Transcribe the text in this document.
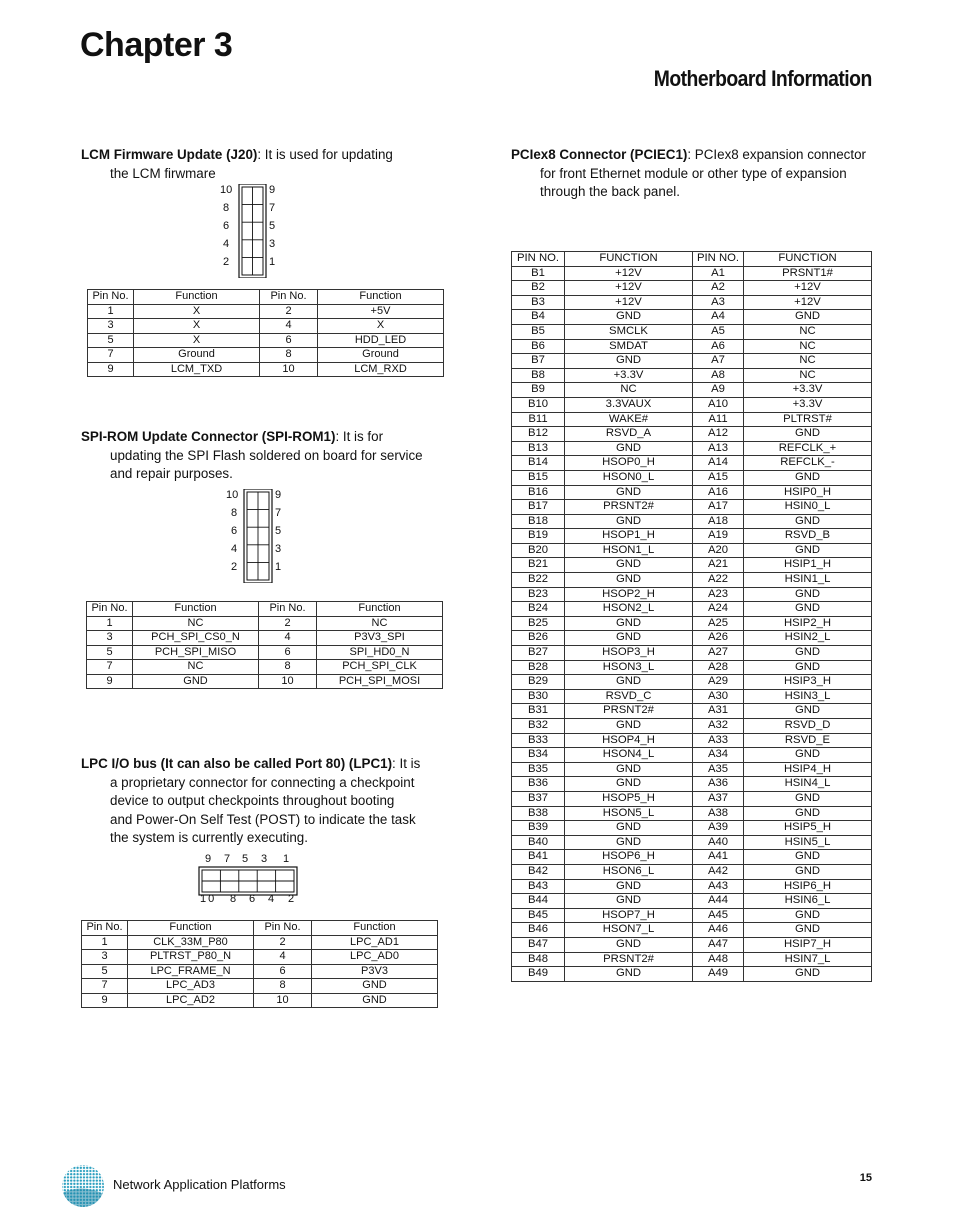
Chapter 3
Motherboard Information
LCM Firmware Update (J20): It is used for updating
the LCM firwmare
10
8
6
4
2
9
7
5
3
1
Pin No.	Function	Pin No.	Function
1	X	2	+5V
3	X	4	X
5	X	6	HDD_LED
7	Ground	8	Ground
9	LCM_TXD	10	LCM_RXD
SPI-ROM Update Connector (SPI-ROM1): It is for
updating the SPI Flash soldered on board for service
and repair purposes.
10
8
6
4
2
9
7
5
3
1
Pin No.	Function	Pin No.	Function
1	NC	2	NC
3	PCH_SPI_CS0_N	4	P3V3_SPI
5	PCH_SPI_MISO	6	SPI_HD0_N
7	NC	8	PCH_SPI_CLK
9	GND	10	PCH_SPI_MOSI
LPC I/O bus (It can also be called Port 80) (LPC1): It is
a proprietary connector for connecting a checkpoint
device to output checkpoints throughout booting
and Power-On Self Test (POST) to indicate the task
the system is currently executing.
9	7	5	3	1
10 8	6	4	2
Pin No.	Function	Pin No.	Function
1	CLK_33M_P80	2	LPC_AD1
3	PLTRST_P80_N	4	LPC_AD0
5	LPC_FRAME_N	6	P3V3
7	LPC_AD3	8	GND
9	LPC_AD2	10	GND
PCIex8 Connector (PCIEC1): PCIex8 expansion connector
for front Ethernet module or other type of expansion
through the back panel.
PIN NO.	FUNCTION	PIN NO.	FUNCTION
B1	+12V	A1	PRSNT1#
B2	+12V	A2	+12V
B3	+12V	A3	+12V
B4	GND	A4	GND
B5	SMCLK	A5	NC
B6	SMDAT	A6	NC
B7	GND	A7	NC
B8	+3.3V	A8	NC
B9	NC	A9	+3.3V
B10	3.3VAUX	A10	+3.3V
B11	WAKE#	A11	PLTRST#
B12	RSVD_A	A12	GND
B13	GND	A13	REFCLK_+
B14	HSOP0_H	A14	REFCLK_-
B15	HSON0_L	A15	GND
B16	GND	A16	HSIP0_H
B17	PRSNT2#	A17	HSIN0_L
B18	GND	A18	GND
B19	HSOP1_H	A19	RSVD_B
B20	HSON1_L	A20	GND
B21	GND	A21	HSIP1_H
B22	GND	A22	HSIN1_L
B23	HSOP2_H	A23	GND
B24	HSON2_L	A24	GND
B25	GND	A25	HSIP2_H
B26	GND	A26	HSIN2_L
B27	HSOP3_H	A27	GND
B28	HSON3_L	A28	GND
B29	GND	A29	HSIP3_H
B30	RSVD_C	A30	HSIN3_L
B31	PRSNT2#	A31	GND
B32	GND	A32	RSVD_D
B33	HSOP4_H	A33	RSVD_E
B34	HSON4_L	A34	GND
B35	GND	A35	HSIP4_H
B36	GND	A36	HSIN4_L
B37	HSOP5_H	A37	GND
B38	HSON5_L	A38	GND
B39	GND	A39	HSIP5_H
B40	GND	A40	HSIN5_L
B41	HSOP6_H	A41	GND
B42	HSON6_L	A42	GND
B43	GND	A43	HSIP6_H
B44	GND	A44	HSIN6_L
B45	HSOP7_H	A45	GND
B46	HSON7_L	A46	GND
B47	GND	A47	HSIP7_H
B48	PRSNT2#	A48	HSIN7_L
B49	GND	A49	GND
Network Application Platforms	15
